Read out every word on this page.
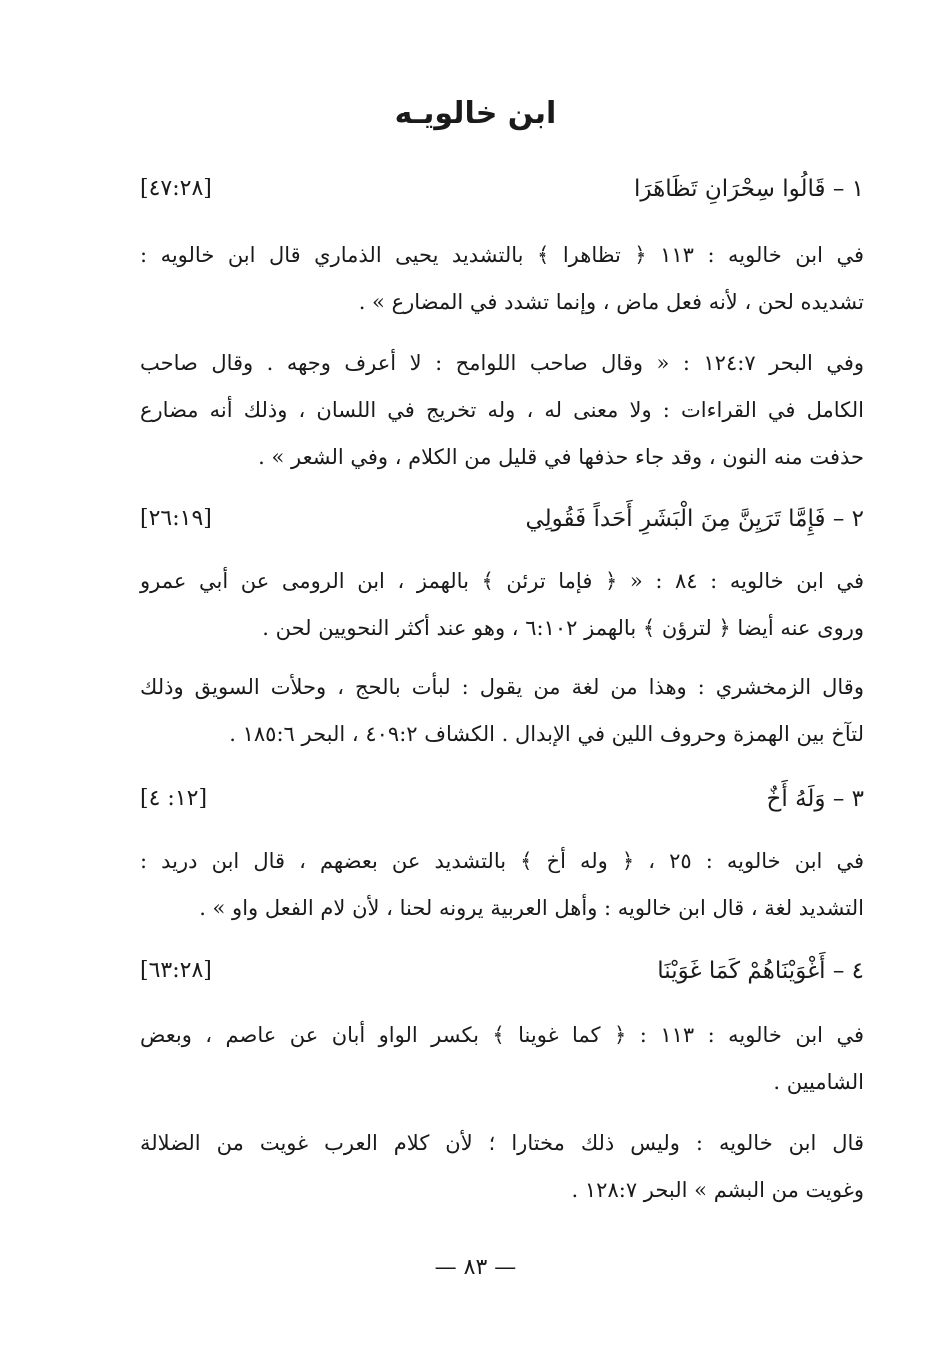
ابن خالويـه
١ – قَالُوا سِحْرَانِ تَظَاهَرَا
[٤٧:٢٨]
في ابن خالويه : ١١٣ ﴿ تظاهرا ﴾ بالتشديد يحيى الذماري قال ابن خالويه :
تشديده لحن ، لأنه فعل ماض ، وإنما تشدد في المضارع » .
وفي البحر ١٢٤:٧ : « وقال صاحب اللوامح : لا أعرف وجهه . وقال صاحب
الكامل في القراءات : ولا معنى له ، وله تخريج في اللسان ، وذلك أنه مضارع
حذفت منه النون ، وقد جاء حذفها في قليل من الكلام ، وفي الشعر » .
٢ – فَإِمَّا تَرَيِنَّ مِنَ الْبَشَرِ أَحَداً فَقُولِي
[٢٦:١٩]
في ابن خالويه : ٨٤ : « ﴿ فإما ترئن ﴾ بالهمز ، ابن الرومى عن أبي عمرو
وروى عنه أيضا ﴿ لترؤن ﴾ بالهمز ٦:١٠٢ ، وهو عند أكثر النحويين لحن .
وقال الزمخشري : وهذا من لغة من يقول : لبأت بالحج ، وحلأت السويق وذلك
لتآخ بين الهمزة وحروف اللين في الإبدال . الكشاف ٤٠٩:٢ ، البحر ١٨٥:٦ .
٣ – وَلَهُ أَخٌ
[١٢: ٤]
في ابن خالويه : ٢٥ ، ﴿ وله أخ ﴾ بالتشديد عن بعضهم ، قال ابن دريد :
التشديد لغة ، قال ابن خالويه : وأهل العربية يرونه لحنا ، لأن لام الفعل واو » .
٤ – أَغْوَيْنَاهُمْ كَمَا غَوَيْنَا
[٦٣:٢٨]
في ابن خالويه : ١١٣ : ﴿ كما غوينا ﴾ بكسر الواو أبان عن عاصم ، وبعض
الشاميين .
قال ابن خالويه : وليس ذلك مختارا ؛ لأن كلام العرب غويت من الضلالة
وغويت من البشم » البحر ١٢٨:٧ .
— ٨٣ —
